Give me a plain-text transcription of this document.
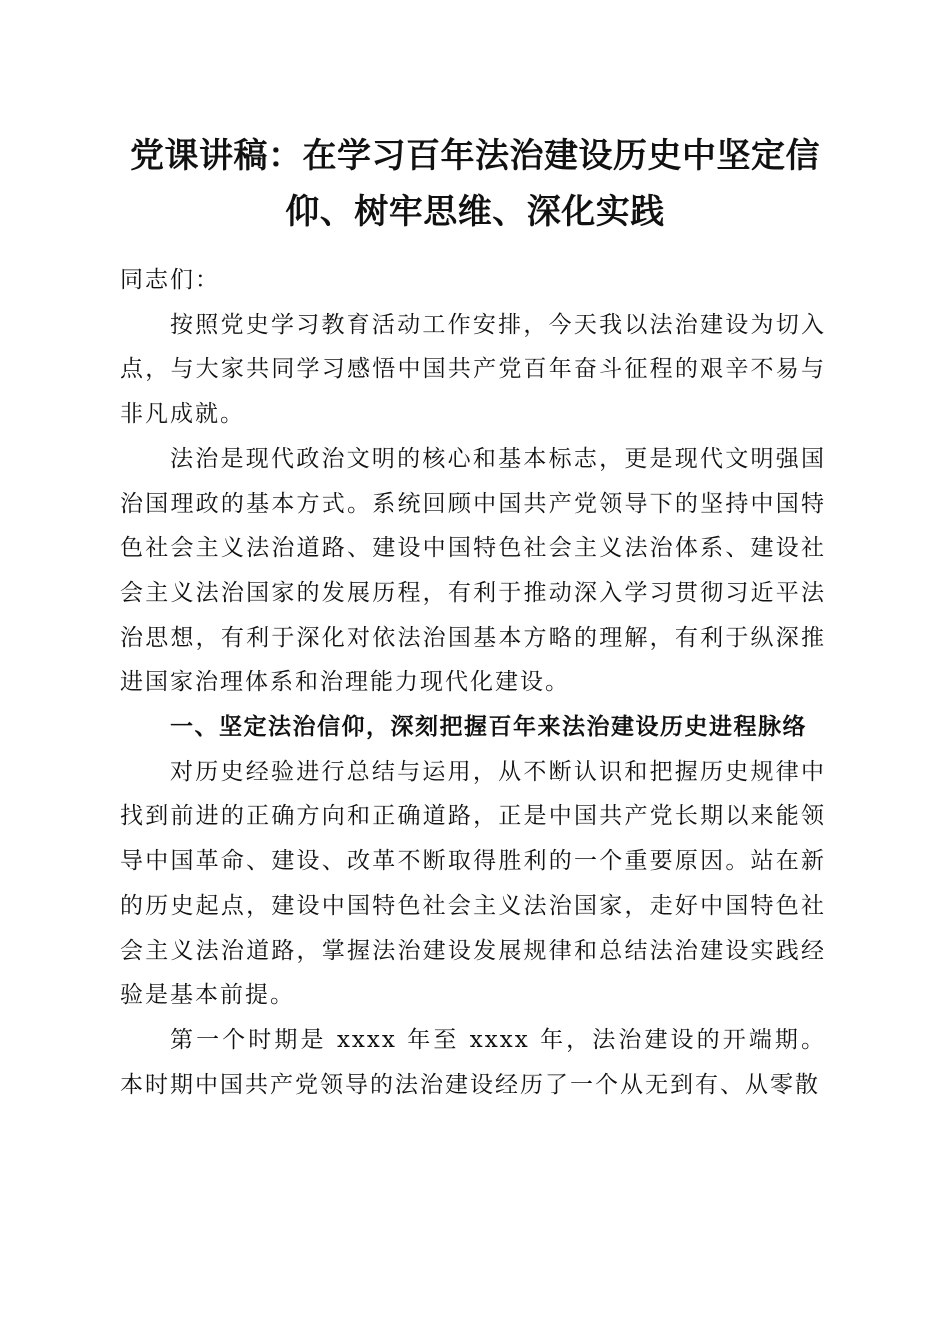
党课讲稿：在学习百年法治建设历史中坚定信仰、树牢思维、深化实践

同志们：

按照党史学习教育活动工作安排，今天我以法治建设为切入点，与大家共同学习感悟中国共产党百年奋斗征程的艰辛不易与非凡成就。

法治是现代政治文明的核心和基本标志，更是现代文明强国治国理政的基本方式。系统回顾中国共产党领导下的坚持中国特色社会主义法治道路、建设中国特色社会主义法治体系、建设社会主义法治国家的发展历程，有利于推动深入学习贯彻习近平法治思想，有利于深化对依法治国基本方略的理解，有利于纵深推进国家治理体系和治理能力现代化建设。

一、坚定法治信仰，深刻把握百年来法治建设历史进程脉络

对历史经验进行总结与运用，从不断认识和把握历史规律中找到前进的正确方向和正确道路，正是中国共产党长期以来能领导中国革命、建设、改革不断取得胜利的一个重要原因。站在新的历史起点，建设中国特色社会主义法治国家，走好中国特色社会主义法治道路，掌握法治建设发展规律和总结法治建设实践经验是基本前提。

第一个时期是 xxxx 年至 xxxx 年，法治建设的开端期。本时期中国共产党领导的法治建设经历了一个从无到有、从零散
